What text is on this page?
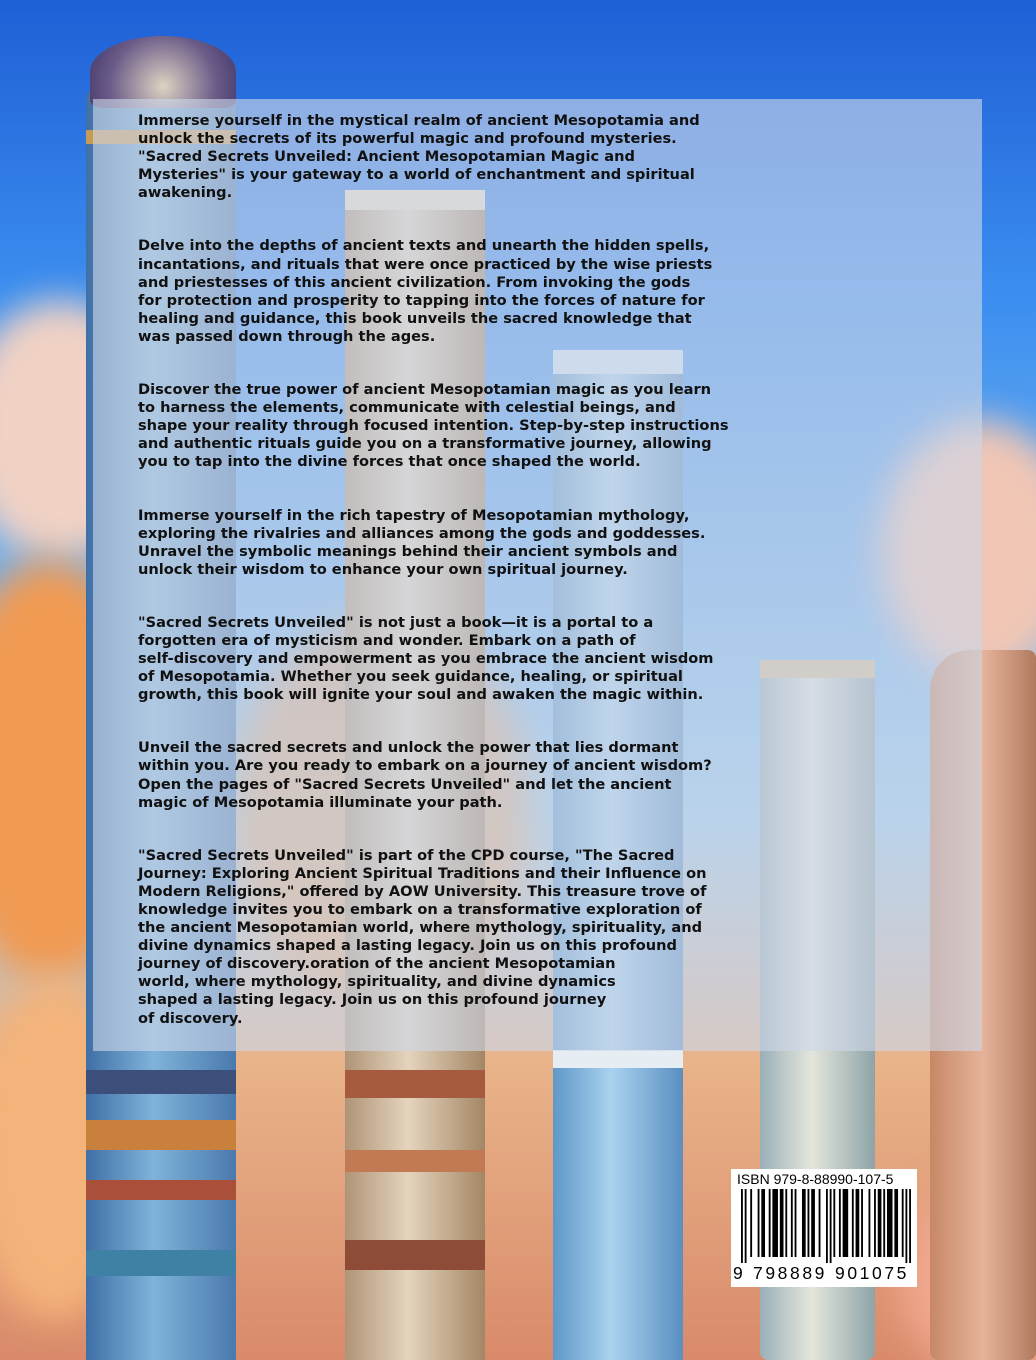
Immerse yourself in the mystical realm of ancient Mesopotamia and
unlock the secrets of its powerful magic and profound mysteries.
"Sacred Secrets Unveiled: Ancient Mesopotamian Magic and
Mysteries" is your gateway to a world of enchantment and spiritual
awakening.

Delve into the depths of ancient texts and unearth the hidden spells,
incantations, and rituals that were once practiced by the wise priests
and priestesses of this ancient civilization. From invoking the gods
for protection and prosperity to tapping into the forces of nature for
healing and guidance, this book unveils the sacred knowledge that
was passed down through the ages.

Discover the true power of ancient Mesopotamian magic as you learn
to harness the elements, communicate with celestial beings, and
shape your reality through focused intention. Step-by-step instructions
and authentic rituals guide you on a transformative journey, allowing
you to tap into the divine forces that once shaped the world.

Immerse yourself in the rich tapestry of Mesopotamian mythology,
exploring the rivalries and alliances among the gods and goddesses.
Unravel the symbolic meanings behind their ancient symbols and
unlock their wisdom to enhance your own spiritual journey.

"Sacred Secrets Unveiled" is not just a book—it is a portal to a
forgotten era of mysticism and wonder. Embark on a path of
self-discovery and empowerment as you embrace the ancient wisdom
of Mesopotamia. Whether you seek guidance, healing, or spiritual
growth, this book will ignite your soul and awaken the magic within.

Unveil the sacred secrets and unlock the power that lies dormant
within you. Are you ready to embark on a journey of ancient wisdom?
Open the pages of "Sacred Secrets Unveiled" and let the ancient
magic of Mesopotamia illuminate your path.

"Sacred Secrets Unveiled" is part of the CPD course, "The Sacred
Journey: Exploring Ancient Spiritual Traditions and their Influence on
Modern Religions," offered by AOW University. This treasure trove of
knowledge invites you to embark on a transformative exploration of
the ancient Mesopotamian world, where mythology, spirituality, and
divine dynamics shaped a lasting legacy. Join us on this profound
journey of discovery.oration of the ancient Mesopotamian
world, where mythology, spirituality, and divine dynamics
shaped a lasting legacy. Join us on this profound journey
of discovery.

ISBN 979-8-88990-107-5
9 798889 901075
